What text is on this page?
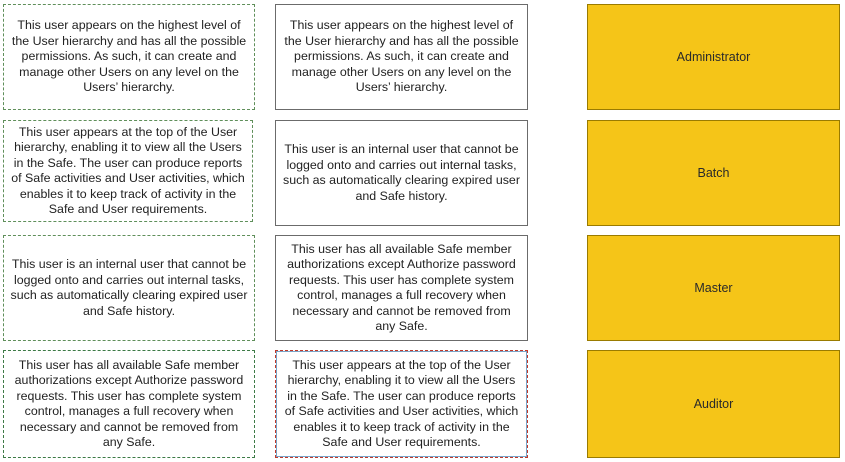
This user appears on the highest level of the User hierarchy and has all the possible permissions. As such, it can create and manage other Users on any level on the Users’ hierarchy.
This user appears at the top of the User hierarchy, enabling it to view all the Users in the Safe. The user can produce reports of Safe activities and User activities, which enables it to keep track of activity in the Safe and User requirements.
This user is an internal user that cannot be logged onto and carries out internal tasks, such as automatically clearing expired user and Safe history.
This user has all available Safe member authorizations except Authorize password requests. This user has complete system control, manages a full recovery when necessary and cannot be removed from any Safe.
This user appears on the highest level of the User hierarchy and has all the possible permissions. As such, it can create and manage other Users on any level on the Users’ hierarchy.
This user is an internal user that cannot be logged onto and carries out internal tasks, such as automatically clearing expired user and Safe history.
This user has all available Safe member authorizations except Authorize password requests. This user has complete system control, manages a full recovery when necessary and cannot be removed from any Safe.
This user appears at the top of the User hierarchy, enabling it to view all the Users in the Safe. The user can produce reports of Safe activities and User activities, which enables it to keep track of activity in the Safe and User requirements.
Administrator
Batch
Master
Auditor
